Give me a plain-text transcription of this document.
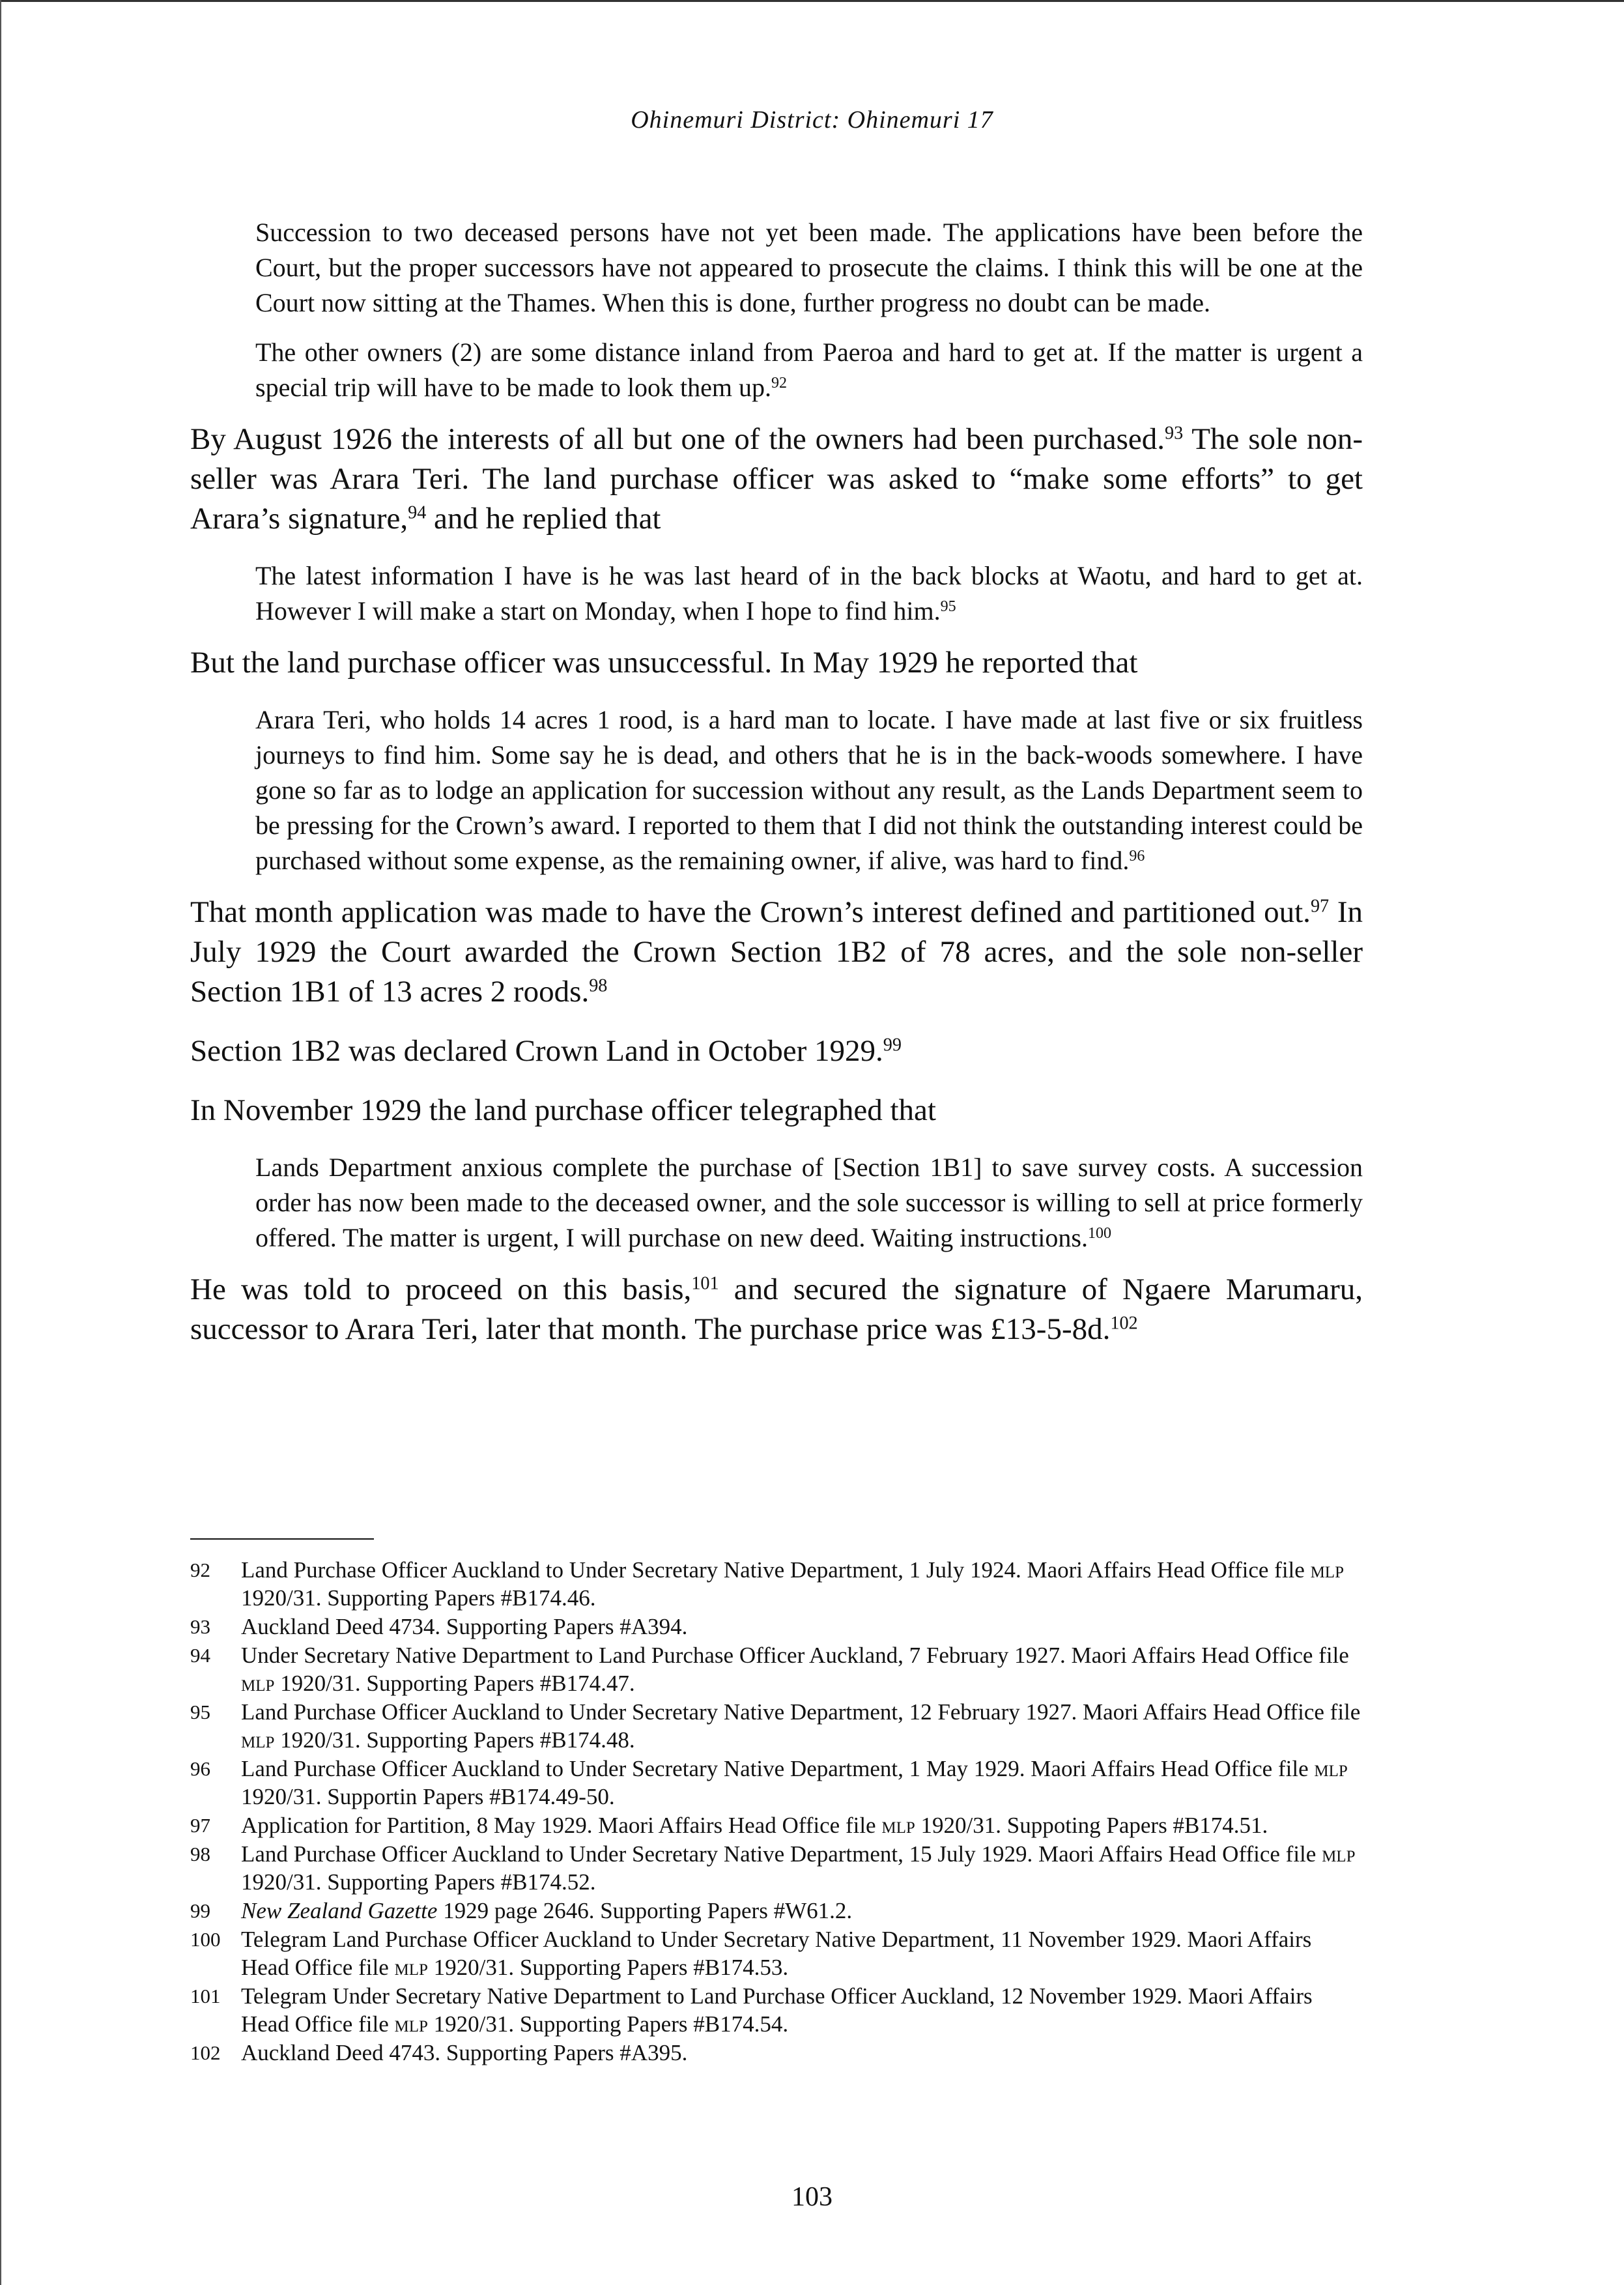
Ohinemuri District: Ohinemuri 17

Succession to two deceased persons have not yet been made. The applications have been before the Court, but the proper successors have not appeared to prosecute the claims. I think this will be one at the Court now sitting at the Thames. When this is done, further progress no doubt can be made.

The other owners (2) are some distance inland from Paeroa and hard to get at. If the matter is urgent a special trip will have to be made to look them up.$^{92}$

By August 1926 the interests of all but one of the owners had been purchased.$^{93}$ The sole non-seller was Arara Teri. The land purchase officer was asked to “make some efforts” to get Arara’s signature,$^{94}$ and he replied that

The latest information I have is he was last heard of in the back blocks at Waotu, and hard to get at. However I will make a start on Monday, when I hope to find him.$^{95}$

But the land purchase officer was unsuccessful. In May 1929 he reported that

Arara Teri, who holds 14 acres 1 rood, is a hard man to locate. I have made at last five or six fruitless journeys to find him. Some say he is dead, and others that he is in the back-woods somewhere. I have gone so far as to lodge an application for succession without any result, as the Lands Department seem to be pressing for the Crown’s award. I reported to them that I did not think the outstanding interest could be purchased without some expense, as the remaining owner, if alive, was hard to find.$^{96}$

That month application was made to have the Crown’s interest defined and partitioned out.$^{97}$ In July 1929 the Court awarded the Crown Section 1B2 of 78 acres, and the sole non-seller Section 1B1 of 13 acres 2 roods.$^{98}$

Section 1B2 was declared Crown Land in October 1929.99

In November 1929 the land purchase officer telegraphed that

Lands Department anxious complete the purchase of [Section 1B1] to save survey costs. A succession order has now been made to the deceased owner, and the sole successor is willing to sell at price formerly offered. The matter is urgent, I will purchase on new deed. Waiting instructions.$^{100}$

He was told to proceed on this basis,$^{101}$ and secured the signature of Ngaere Marumaru, successor to Arara Teri, later that month. The purchase price was £13-5-8d.$^{102}$

92	Land Purchase Officer Auckland to Under Secretary Native Department, 1 July 1924. Maori Affairs Head Office file mlp 1920/31. Supporting Papers #B174.46.
93	Auckland Deed 4734. Supporting Papers #A394.
94	Under Secretary Native Department to Land Purchase Officer Auckland, 7 February 1927. Maori Affairs Head Office file mlp 1920/31. Supporting Papers #B174.47.
95	Land Purchase Officer Auckland to Under Secretary Native Department, 12 February 1927. Maori Affairs Head Office file mlp 1920/31. Supporting Papers #B174.48.
96	Land Purchase Officer Auckland to Under Secretary Native Department, 1 May 1929. Maori Affairs Head Office file mlp 1920/31. Supportin Papers #B174.49-50.
97	Application for Partition, 8 May 1929. Maori Affairs Head Office file mlp 1920/31. Suppoting Papers #B174.51.
98	Land Purchase Officer Auckland to Under Secretary Native Department, 15 July 1929. Maori Affairs Head Office file mlp 1920/31. Supporting Papers #B174.52.
99	New Zealand Gazette 1929 page 2646. Supporting Papers #W61.2.
100 Telegram Land Purchase Officer Auckland to Under Secretary Native Department, 11 November 1929. Maori Affairs Head Office file mlp 1920/31. Supporting Papers #B174.53.
101 Telegram Under Secretary Native Department to Land Purchase Officer Auckland, 12 November 1929. Maori Affairs Head Office file mlp 1920/31. Supporting Papers #B174.54.
102 Auckland Deed 4743. Supporting Papers #A395.
103
